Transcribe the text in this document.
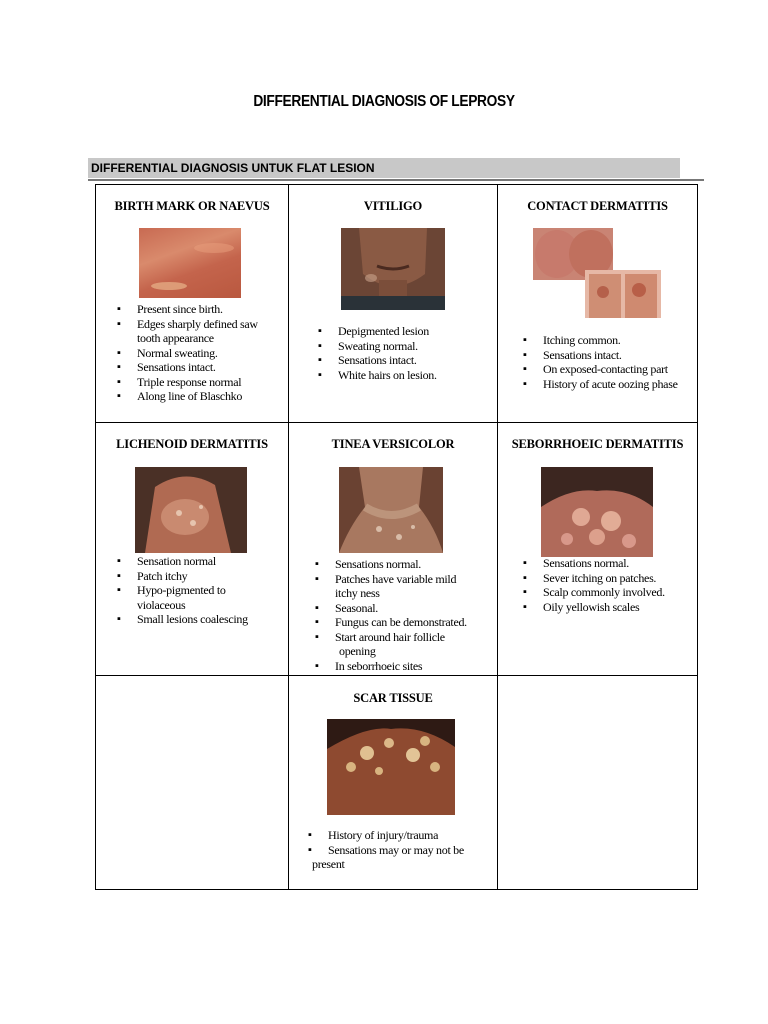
DIFFERENTIAL DIAGNOSIS OF LEPROSY
DIFFERENTIAL DIAGNOSIS UNTUK FLAT LESION
BIRTH MARK OR NAEVUS
▪ Present since birth.
▪ Edges sharply defined saw
tooth appearance
▪ Normal sweating.
▪ Sensations intact.
▪ Triple response normal
▪ Along line of Blaschko
VITILIGO
▪ Depigmented lesion
▪ Sweating normal.
▪ Sensations intact.
▪ White hairs on lesion.
CONTACT DERMATITIS
▪ Itching common.
▪ Sensations intact.
▪ On exposed-contacting part
▪ History of acute oozing phase
LICHENOID DERMATITIS
▪ Sensation normal
▪ Patch itchy
▪ Hypo-pigmented to
violaceous
▪ Small lesions coalescing
TINEA VERSICOLOR
▪ Sensations normal.
▪ Patches have variable mild
itchy ness
▪ Seasonal.
▪ Fungus can be demonstrated.
▪ Start around hair follicle
opening
▪ In seborrhoeic sites
SEBORRHOEIC DERMATITIS
▪ Sensations normal.
▪ Sever itching on patches.
▪ Scalp commonly involved.
▪ Oily yellowish scales
SCAR TISSUE
▪ History of injury/trauma
▪ Sensations may or may not be
present
